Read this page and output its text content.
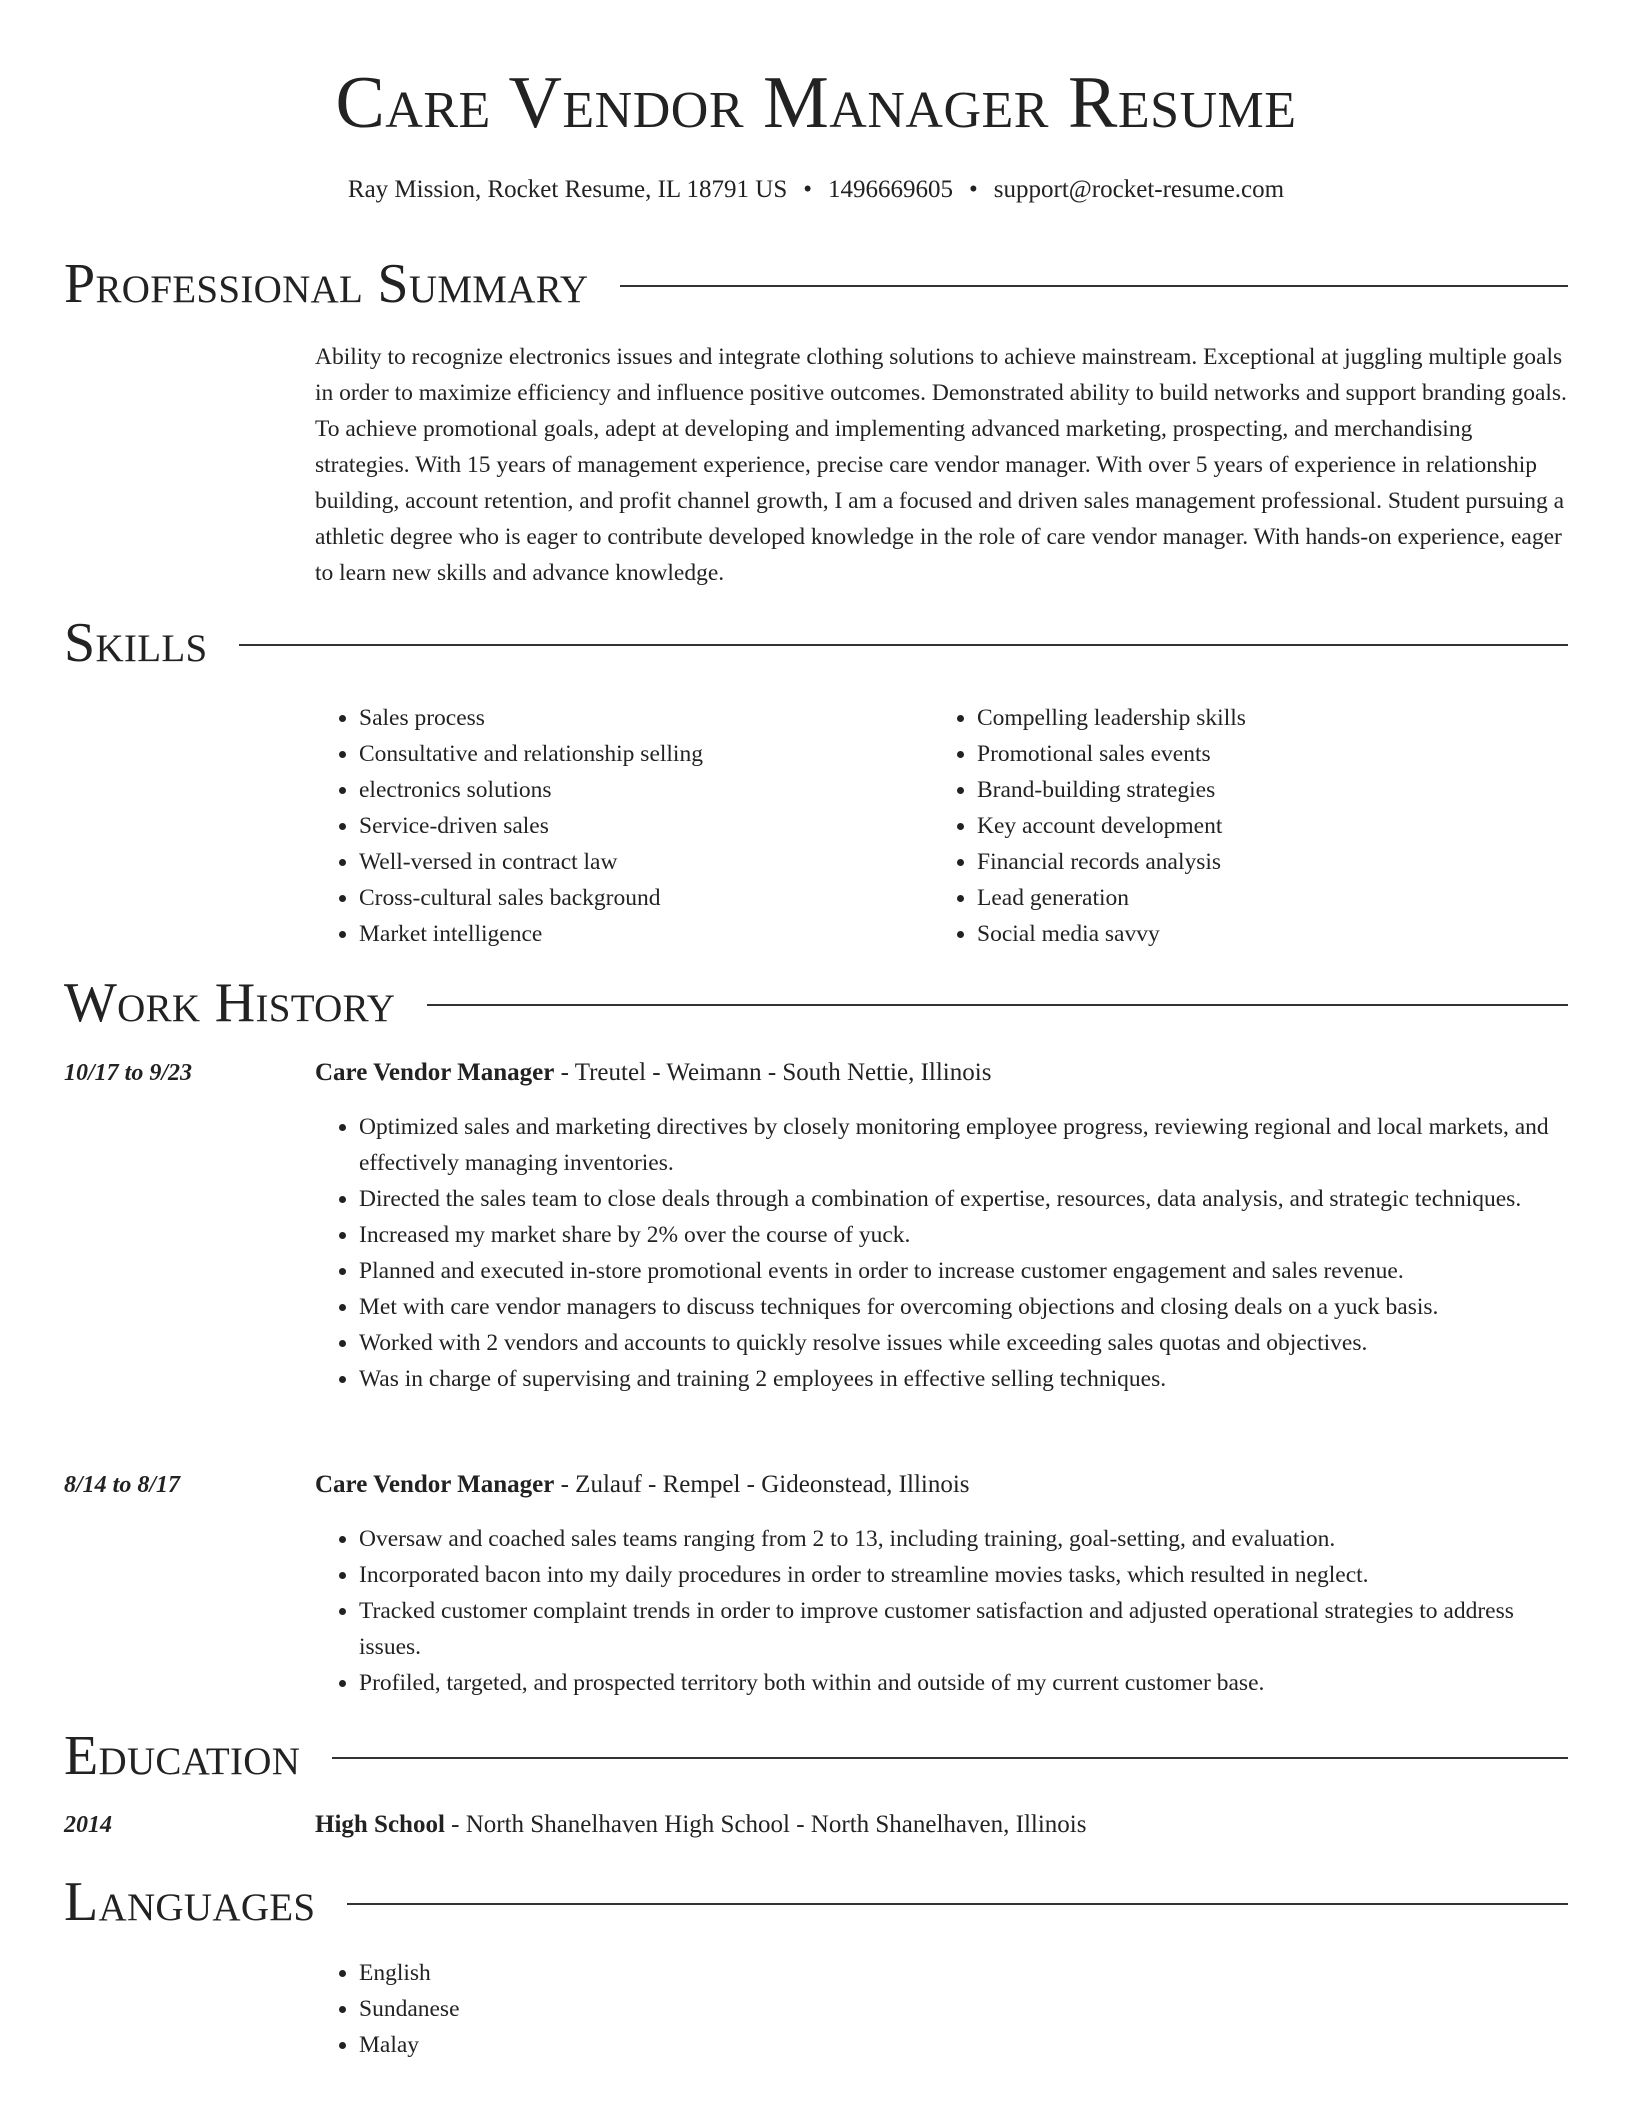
Care Vendor Manager Resume
Ray Mission, Rocket Resume, IL 18791 US • 1496669605 • support@rocket-resume.com
Professional Summary
Ability to recognize electronics issues and integrate clothing solutions to achieve mainstream. Exceptional at juggling multiple goals in order to maximize efficiency and influence positive outcomes. Demonstrated ability to build networks and support branding goals. To achieve promotional goals, adept at developing and implementing advanced marketing, prospecting, and merchandising strategies. With 15 years of management experience, precise care vendor manager. With over 5 years of experience in relationship building, account retention, and profit channel growth, I am a focused and driven sales management professional. Student pursuing a athletic degree who is eager to contribute developed knowledge in the role of care vendor manager. With hands-on experience, eager to learn new skills and advance knowledge.
Skills
• Sales process
• Consultative and relationship selling
• electronics solutions
• Service-driven sales
• Well-versed in contract law
• Cross-cultural sales background
• Market intelligence
• Compelling leadership skills
• Promotional sales events
• Brand-building strategies
• Key account development
• Financial records analysis
• Lead generation
• Social media savvy
Work History
10/17 to 9/23	Care Vendor Manager - Treutel - Weimann - South Nettie, Illinois
• Optimized sales and marketing directives by closely monitoring employee progress, reviewing regional and local markets, and effectively managing inventories.
• Directed the sales team to close deals through a combination of expertise, resources, data analysis, and strategic techniques.
• Increased my market share by 2% over the course of yuck.
• Planned and executed in-store promotional events in order to increase customer engagement and sales revenue.
• Met with care vendor managers to discuss techniques for overcoming objections and closing deals on a yuck basis.
• Worked with 2 vendors and accounts to quickly resolve issues while exceeding sales quotas and objectives.
• Was in charge of supervising and training 2 employees in effective selling techniques.
8/14 to 8/17	Care Vendor Manager - Zulauf - Rempel - Gideonstead, Illinois
• Oversaw and coached sales teams ranging from 2 to 13, including training, goal-setting, and evaluation.
• Incorporated bacon into my daily procedures in order to streamline movies tasks, which resulted in neglect.
• Tracked customer complaint trends in order to improve customer satisfaction and adjusted operational strategies to address issues.
• Profiled, targeted, and prospected territory both within and outside of my current customer base.
Education
2014	High School - North Shanelhaven High School - North Shanelhaven, Illinois
Languages
• English
• Sundanese
• Malay
